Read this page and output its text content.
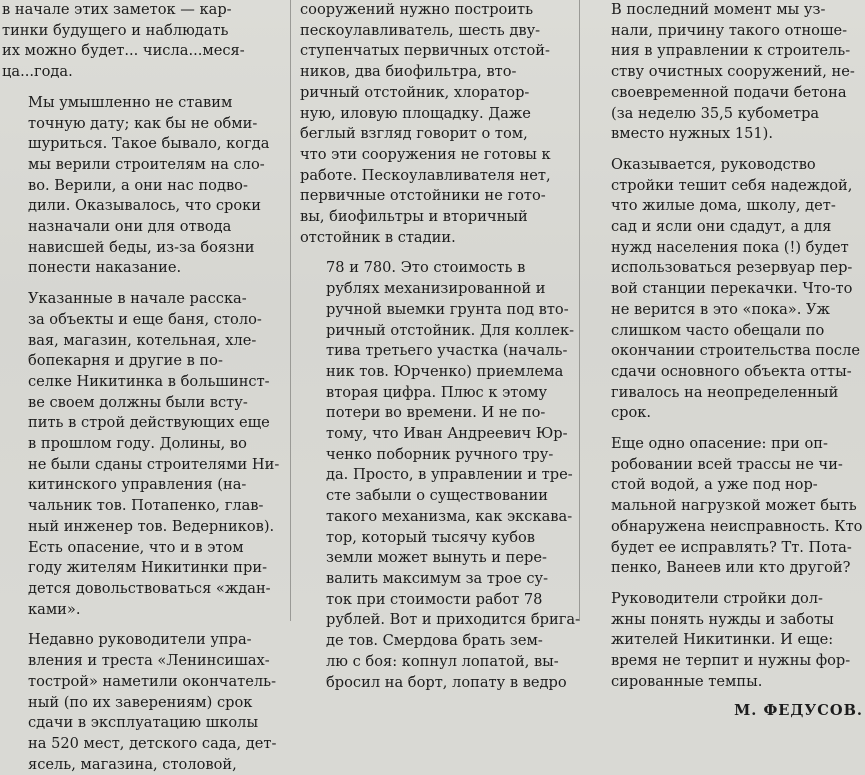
в начале этих заметок — кар-
тинки будущего и наблюдать
их можно будет... числа...меся-
ца...года.

Мы умышленно не ставим
точную дату; как бы не обми-
шуриться. Такое бывало, когда
мы верили строителям на сло-
во. Верили, а они нас подво-
дили. Оказывалось, что сроки
назначали они для отвода
нависшей беды, из-за боязни
понести наказание.

Указанные в начале расска-
за объекты и еще баня, столо-
вая, магазин, котельная, хле-
бопекарня и другие в по-
селке Никитинка в большинст-
ве своем должны были всту-
пить в строй действующих еще
в прошлом году. Долины, во
не были сданы строителями Ни-
китинского управления (на-
чальник тов. Потапенко, глав-
ный инженер тов. Ведерников).
Есть опасение, что и в этом
году жителям Никитинки при-
дется довольствоваться «ждан-
ками».

Недавно руководители упра-
вления и треста «Ленинсишах-
тострой» наметили окончатель-
ный (по их заверениям) срок
сдачи в эксплуатацию школы
на 520 мест, детского сада, дет-
ясель, магазина, столовой,

сооружений нужно построить
пескоулавливатель, шесть дву-
ступенчатых первичных отстой-
ников, два биофильтра, вто-
ричный отстойник, хлоратор-
ную, иловую площадку. Даже
беглый взгляд говорит о том,
что эти сооружения не готовы к
работе. Пескоулавливателя нет,
первичные отстойники не гото-
вы, биофильтры и вторичный
отстойник в стадии.

78 и 780. Это стоимость в
рублях механизированной и
ручной выемки грунта под вто-
ричный отстойник. Для коллек-
тива третьего участка (началь-
ник тов. Юрченко) приемлема
вторая цифра. Плюс к этому
потери во времени. И не по-
тому, что Иван Андреевич Юр-
ченко поборник ручного тру-
да. Просто, в управлении и тре-
сте забыли о существовании
такого механизма, как экскава-
тор, который тысячу кубов
земли может вынуть и пере-
валить максимум за трое су-
ток при стоимости работ 78
рублей. Вот и приходится брига-
де тов. Смердова брать зем-
лю с боя: копнул лопатой, вы-
бросил на борт, лопату в ведро

В последний момент мы уз-
нали, причину такого отноше-
ния в управлении к строитель-
ству очистных сооружений, не-
своевременной подачи бетона
(за неделю 35,5 кубометра
вместо нужных 151).

Оказывается, руководство
стройки тешит себя надеждой,
что жилые дома, школу, дет-
сад и ясли они сдадут, а для
нужд населения пока (!) будет
использоваться резервуар пер-
вой станции перекачки. Что-то
не верится в это «пока». Уж
слишком часто обещали по
окончании строительства после
сдачи основного объекта отты-
гивалось на неопределенный
срок.

Еще одно опасение: при оп-
робовании всей трассы не чи-
стой водой, а уже под нор-
мальной нагрузкой может быть
обнаружена неисправность. Кто
будет ее исправлять? Тт. Пота-
пенко, Ванеев или кто другой?

Руководители стройки дол-
жны понять нужды и заботы
жителей Никитинки. И еще:
время не терпит и нужны фор-
сированные темпы.

М. ФЕДУСОВ.
